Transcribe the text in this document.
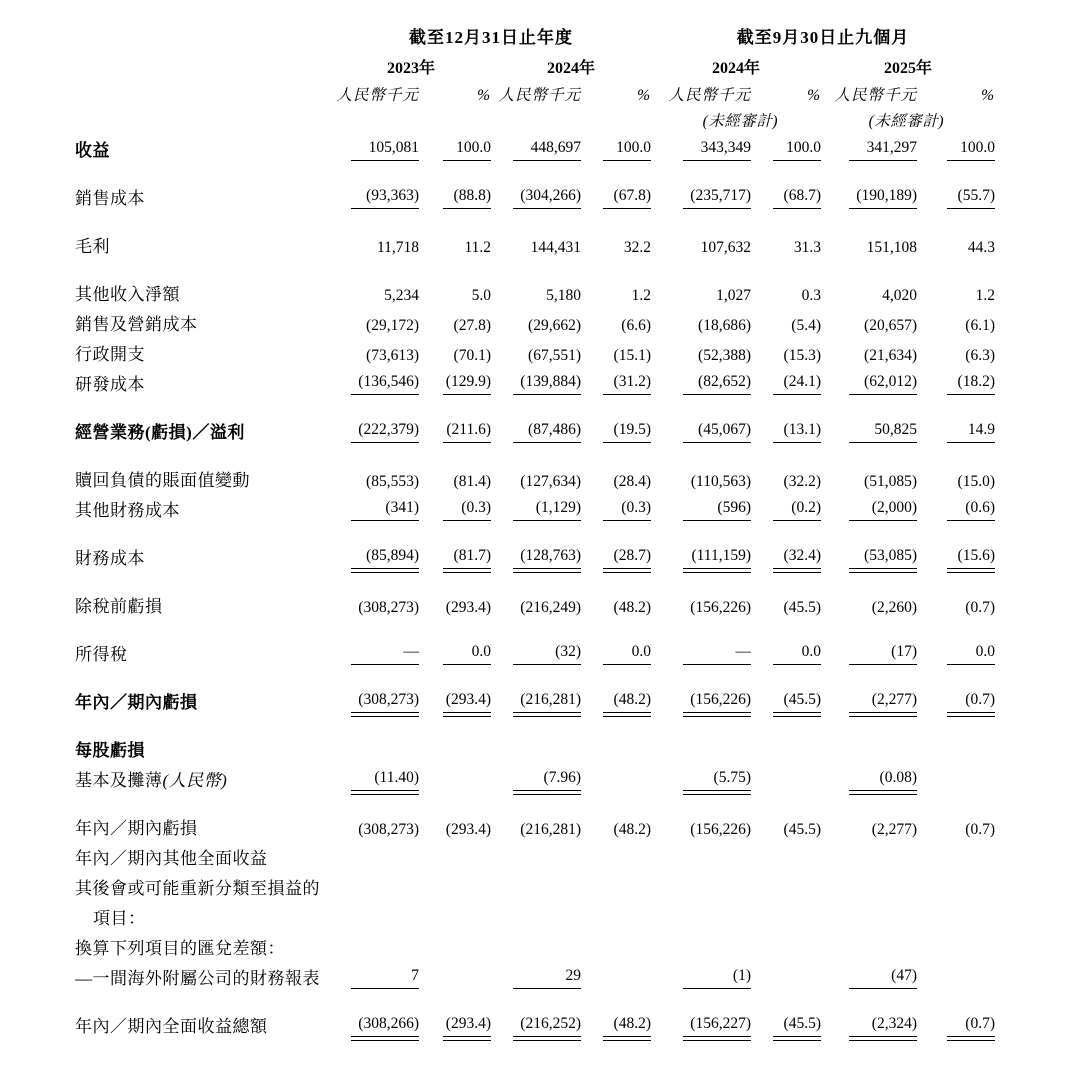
	截至12月31日止年度				截至9月30日止九個月			
	2023年		2024年		2024年		2025年	
	人民幣千元	%	人民幣千元	%	人民幣千元	%	人民幣千元	%
					(未經審計)		(未經審計)	

收益	105,081	100.0	448,697	100.0	343,349	100.0	341,297	100.0

銷售成本	(93,363)	(88.8)	(304,266)	(67.8)	(235,717)	(68.7)	(190,189)	(55.7)

毛利	11,718	11.2	144,431	32.2	107,632	31.3	151,108	44.3

其他收入淨額	5,234	5.0	5,180	1.2	1,027	0.3	4,020	1.2
銷售及營銷成本	(29,172)	(27.8)	(29,662)	(6.6)	(18,686)	(5.4)	(20,657)	(6.1)
行政開支	(73,613)	(70.1)	(67,551)	(15.1)	(52,388)	(15.3)	(21,634)	(6.3)
研發成本	(136,546)	(129.9)	(139,884)	(31.2)	(82,652)	(24.1)	(62,012)	(18.2)

經營業務(虧損)／溢利	(222,379)	(211.6)	(87,486)	(19.5)	(45,067)	(13.1)	50,825	14.9

贖回負債的賬面值變動	(85,553)	(81.4)	(127,634)	(28.4)	(110,563)	(32.2)	(51,085)	(15.0)
其他財務成本	(341)	(0.3)	(1,129)	(0.3)	(596)	(0.2)	(2,000)	(0.6)

財務成本	(85,894)	(81.7)	(128,763)	(28.7)	(111,159)	(32.4)	(53,085)	(15.6)

除稅前虧損	(308,273)	(293.4)	(216,249)	(48.2)	(156,226)	(45.5)	(2,260)	(0.7)

所得稅	—	0.0	(32)	0.0	—	0.0	(17)	0.0

年內／期內虧損	(308,273)	(293.4)	(216,281)	(48.2)	(156,226)	(45.5)	(2,277)	(0.7)

每股虧損								
基本及攤薄(人民幣)	(11.40)		(7.96)		(5.75)		(0.08)	

年內／期內虧損	(308,273)	(293.4)	(216,281)	(48.2)	(156,226)	(45.5)	(2,277)	(0.7)
年內／期內其他全面收益								
其後會或可能重新分類至損益的								
項目：								
換算下列項目的匯兌差額：								
—一間海外附屬公司的財務報表	7		29		(1)		(47)	

年內／期內全面收益總額	(308,266)	(293.4)	(216,252)	(48.2)	(156,227)	(45.5)	(2,324)	(0.7)
